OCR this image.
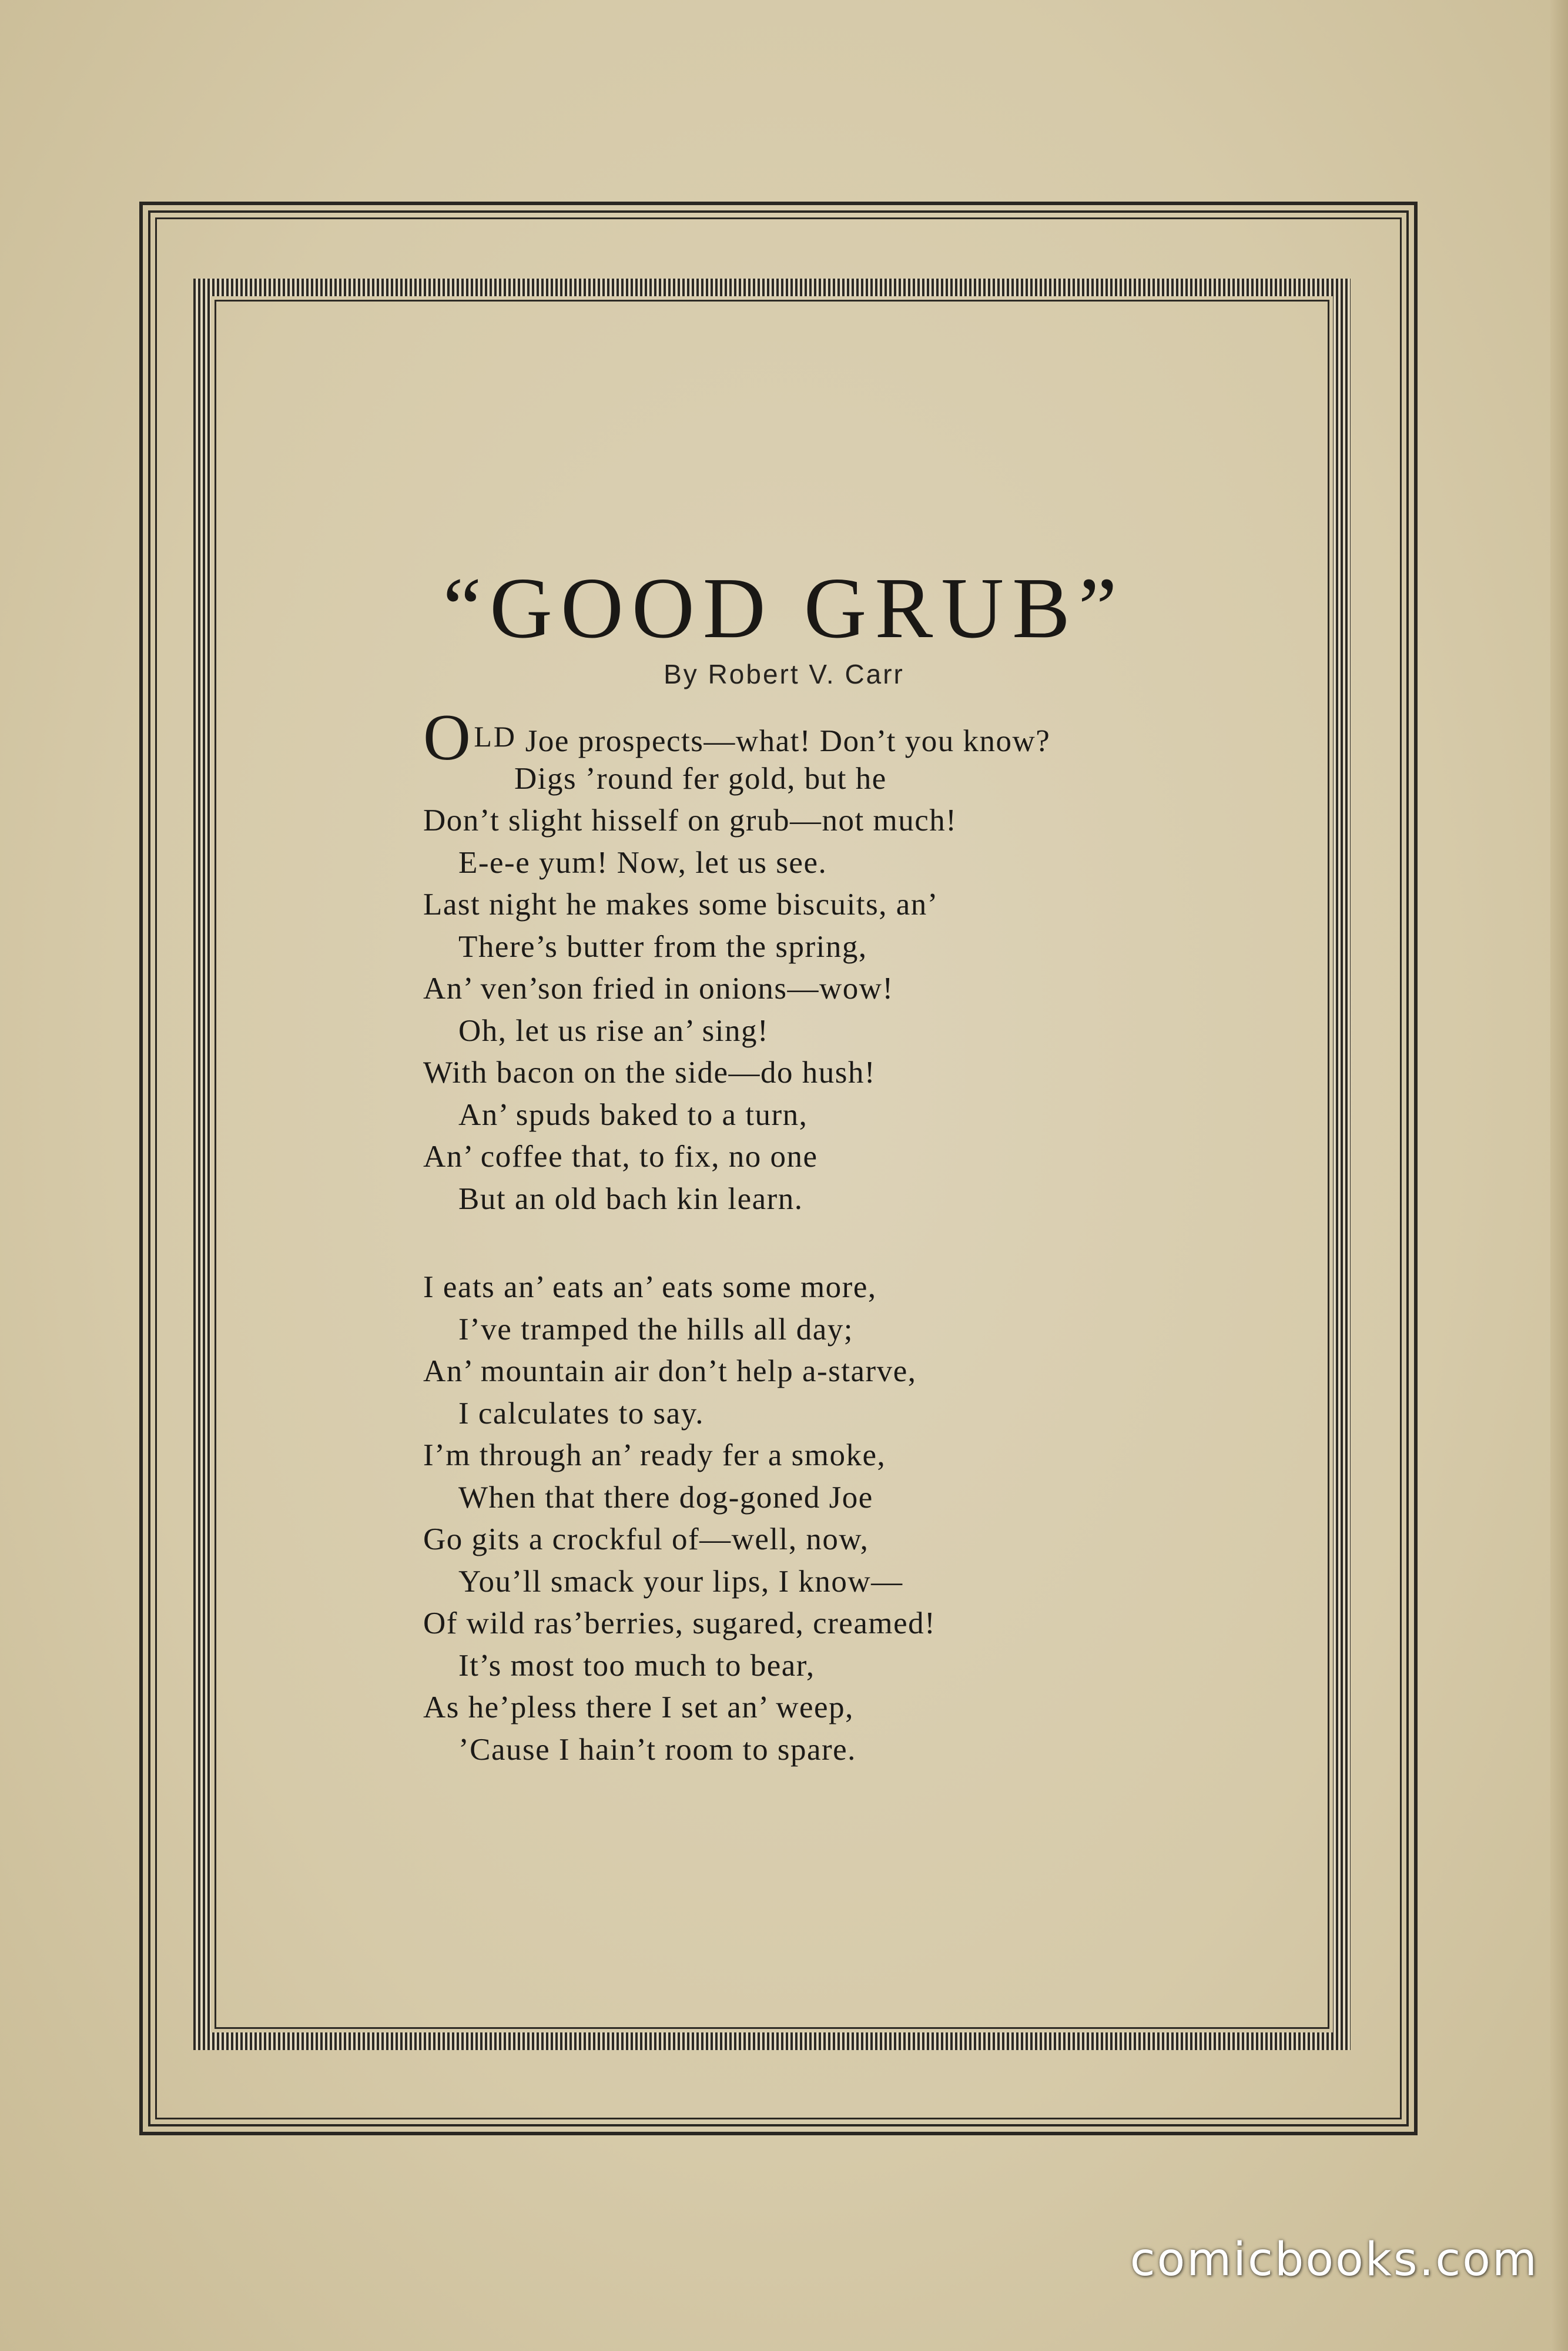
“GOOD GRUB”
By Robert V. Carr
OLD Joe prospects—what! Don’t you know?
Digs ’round fer gold, but he
Don’t slight hisself on grub—not much!
E-e-e yum! Now, let us see.
Last night he makes some biscuits, an’
There’s butter from the spring,
An’ ven’son fried in onions—wow!
Oh, let us rise an’ sing!
With bacon on the side—do hush!
An’ spuds baked to a turn,
An’ coffee that, to fix, no one
But an old bach kin learn.
I eats an’ eats an’ eats some more,
I’ve tramped the hills all day;
An’ mountain air don’t help a-starve,
I calculates to say.
I’m through an’ ready fer a smoke,
When that there dog-goned Joe
Go gits a crockful of—well, now,
You’ll smack your lips, I know—
Of wild ras’berries, sugared, creamed!
It’s most too much to bear,
As he’pless there I set an’ weep,
’Cause I hain’t room to spare.
comicbooks.com
